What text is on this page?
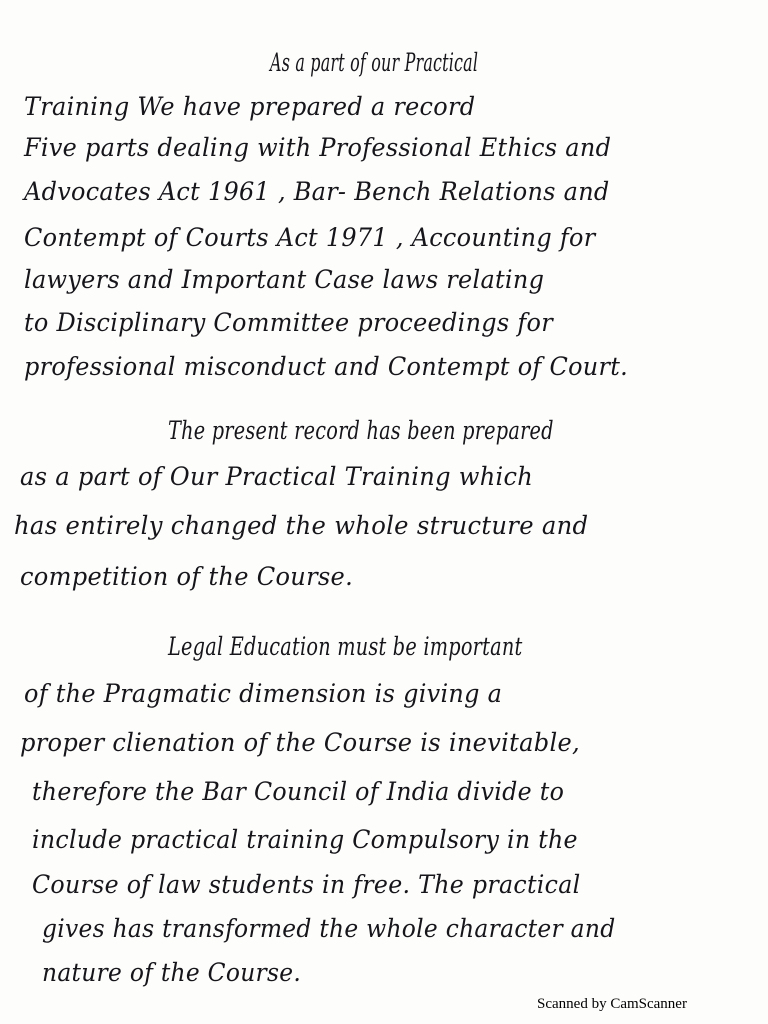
As a part of our Practical
Training We have prepared a record
Five parts dealing with Professional Ethics and
Advocates Act 1961 , Bar- Bench Relations and
Contempt of Courts Act 1971 , Accounting for
lawyers and Important Case laws relating
to Disciplinary Committee proceedings for
professional misconduct and Contempt of Court.
The present record has been prepared
as a part of Our Practical Training which
has entirely changed the whole structure and
competition of the Course.
Legal Education must be important
of the Pragmatic dimension is giving a
proper clienation of the Course is inevitable,
therefore the Bar Council of India divide to
include practical training Compulsory in the
Course of law students in free. The practical
gives has transformed the whole character and
nature of the Course.
Scanned by CamScanner
